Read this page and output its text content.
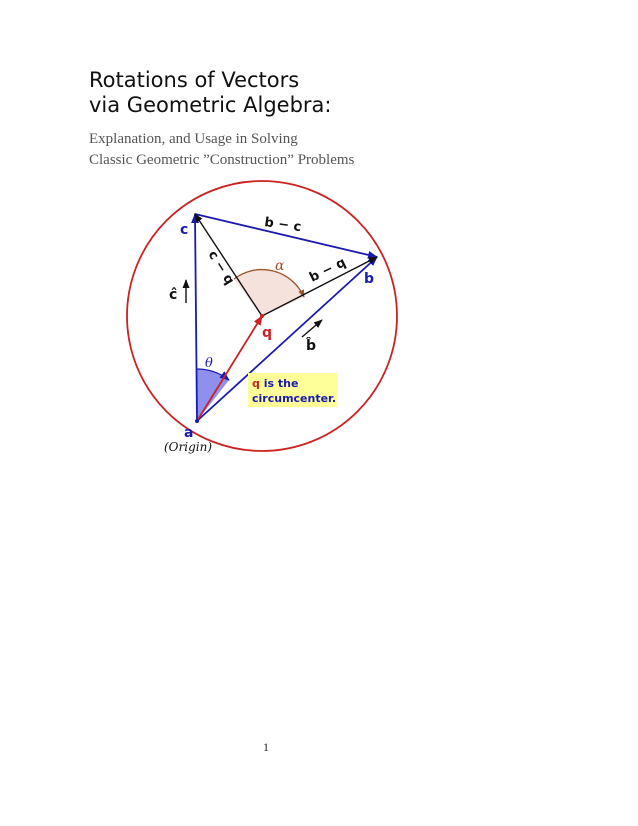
Rotations of Vectors
via Geometric Algebra:
Explanation, and Usage in Solving
Classic Geometric ”Construction” Problems
c
b
a
(Origin)
q
ĉ
b̂
b − c
c − q	b − q
α
θ
q is the
circumcenter.
1
